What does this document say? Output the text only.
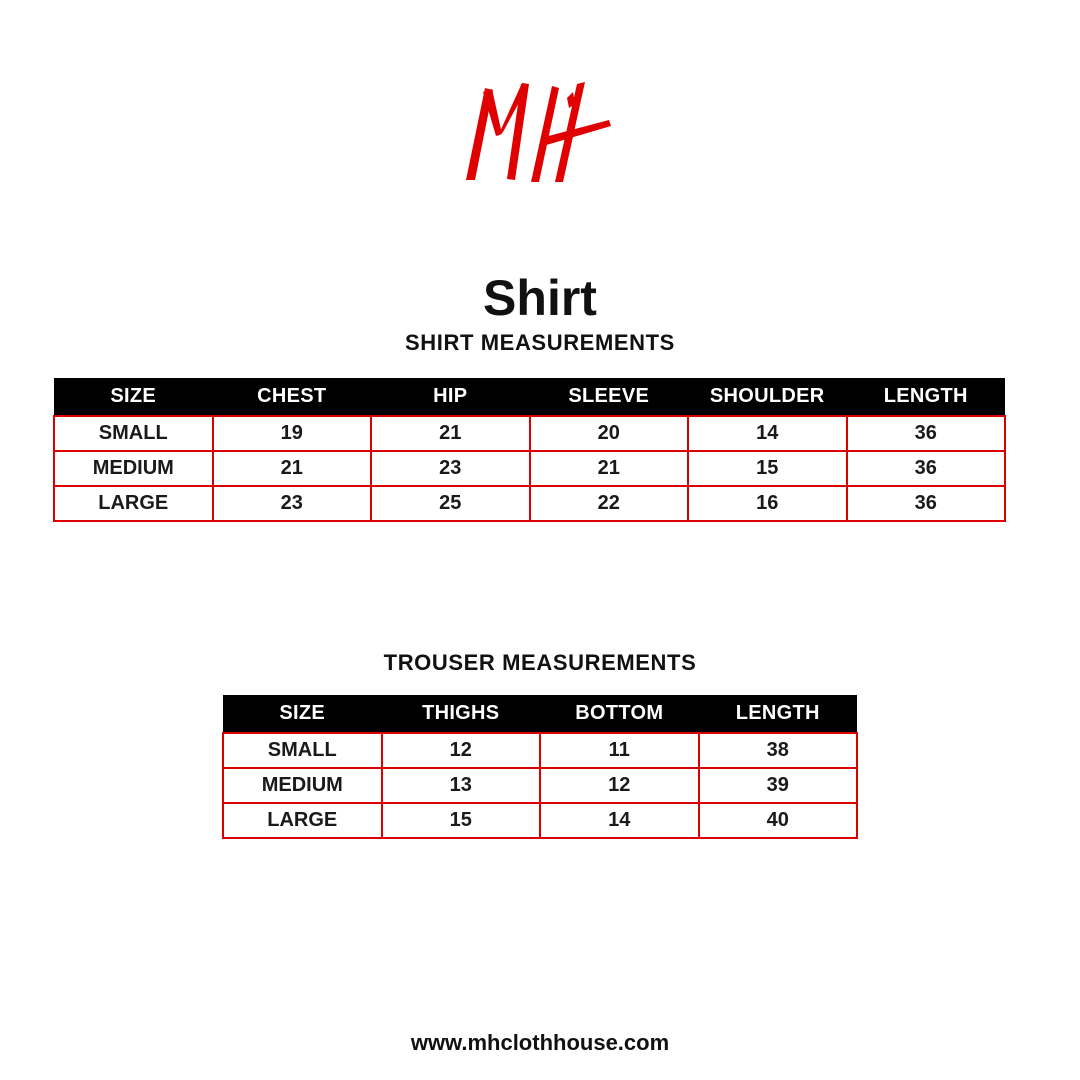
Shirt
SHIRT MEASUREMENTS
SIZE	CHEST	HIP	SLEEVE	SHOULDER	LENGTH
SMALL	19	21	20	14	36
MEDIUM	21	23	21	15	36
LARGE	23	25	22	16	36
TROUSER MEASUREMENTS
SIZE	THIGHS	BOTTOM	LENGTH
SMALL	12	11	38
MEDIUM	13	12	39
LARGE	15	14	40
www.mhclothhouse.com
